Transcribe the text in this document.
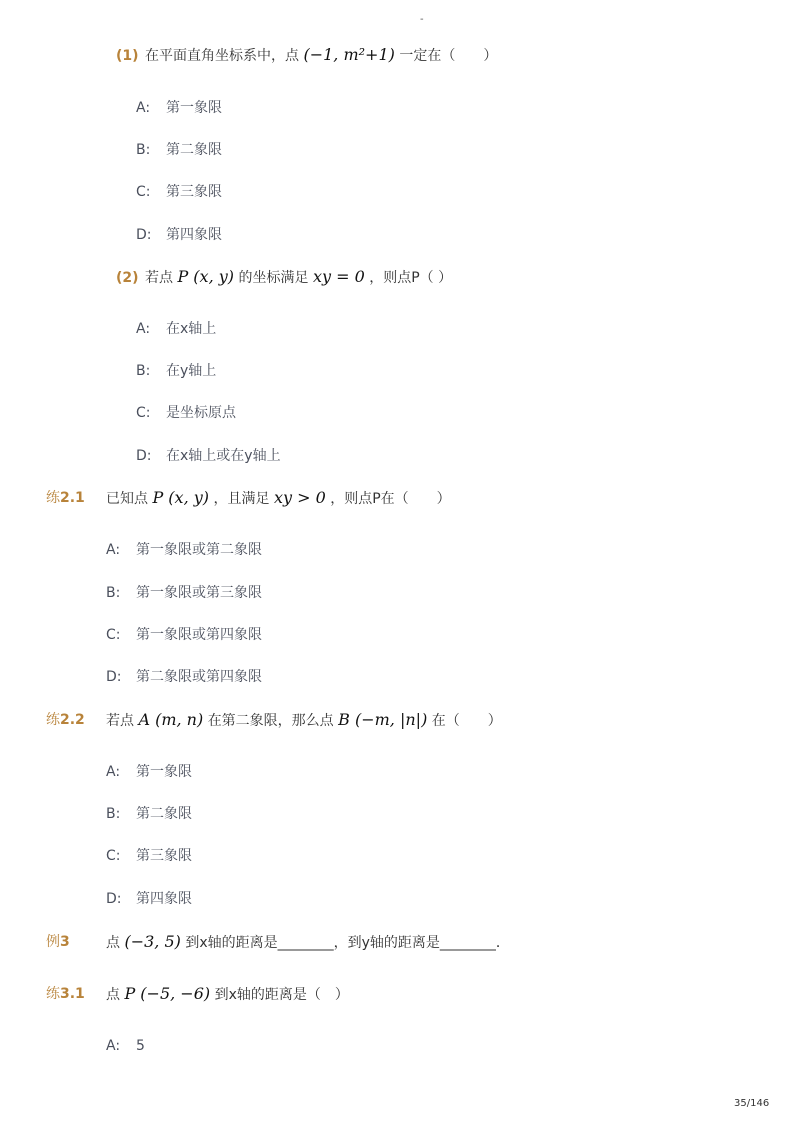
-
(1) 在平面直角坐标系中，点 (−1, m²+1) 一定在（　　）
A: 第一象限
B: 第二象限
C: 第三象限
D: 第四象限
(2) 若点 P (x, y) 的坐标满足 xy = 0 ，则点P（ ）
A: 在x轴上
B: 在y轴上
C: 是坐标原点
D: 在x轴上或在y轴上
练2.1 已知点 P (x, y) ，且满足 xy > 0 ，则点P在（　　）
A: 第一象限或第二象限
B: 第一象限或第三象限
C: 第一象限或第四象限
D: 第二象限或第四象限
练2.2 若点 A (m, n) 在第二象限，那么点 B (−m, |n|) 在（　　）
A: 第一象限
B: 第二象限
C: 第三象限
D: 第四象限
例3	点 (−3, 5) 到x轴的距离是________，到y轴的距离是________．
练3.1 点 P (−5, −6) 到x轴的距离是（　）
A: 5
35/146
